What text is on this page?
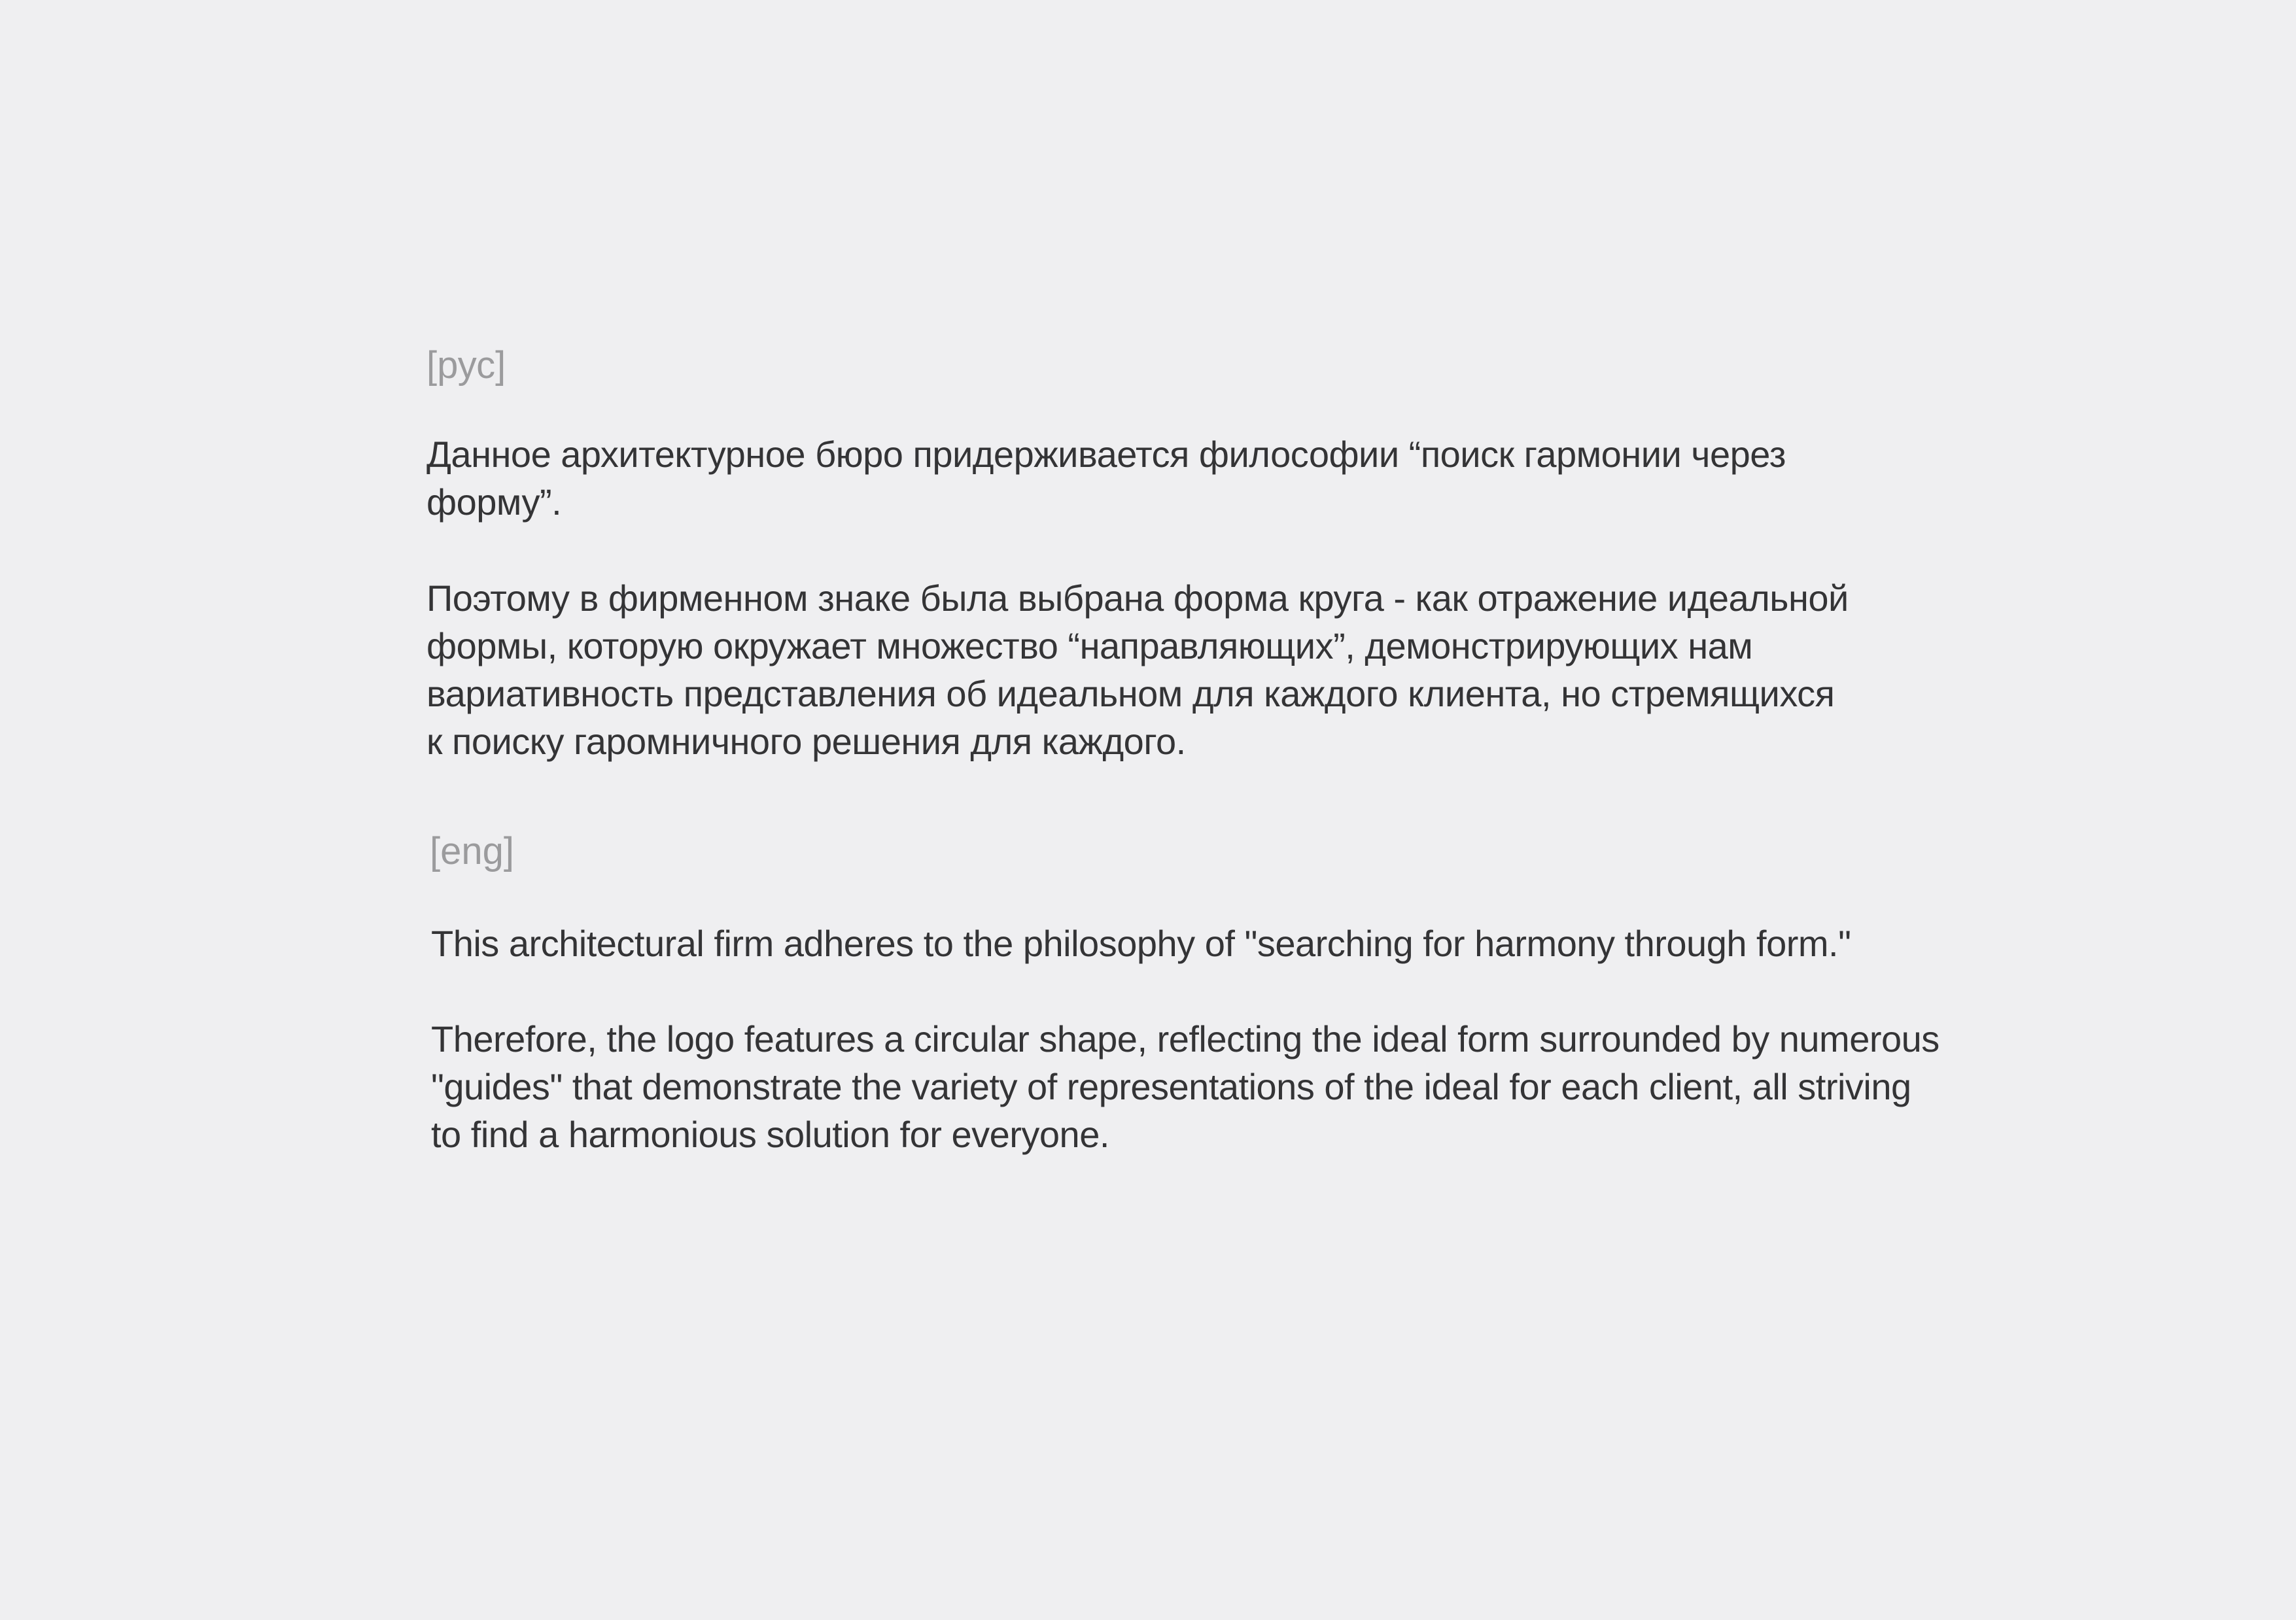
[рус]

Данное архитектурное бюро придерживается философии “поиск гармонии через
форму”.

Поэтому в фирменном знаке была выбрана форма круга - как отражение идеальной
формы, которую окружает множество “направляющих”, демонстрирующих нам
вариативность представления об идеальном для каждого клиента, но стремящихся
к поиску гаромничного решения для каждого.

[eng]

This architectural firm adheres to the philosophy of "searching for harmony through form."

Therefore, the logo features a circular shape, reflecting the ideal form surrounded by numerous
"guides" that demonstrate the variety of representations of the ideal for each client, all striving
to find a harmonious solution for everyone.
